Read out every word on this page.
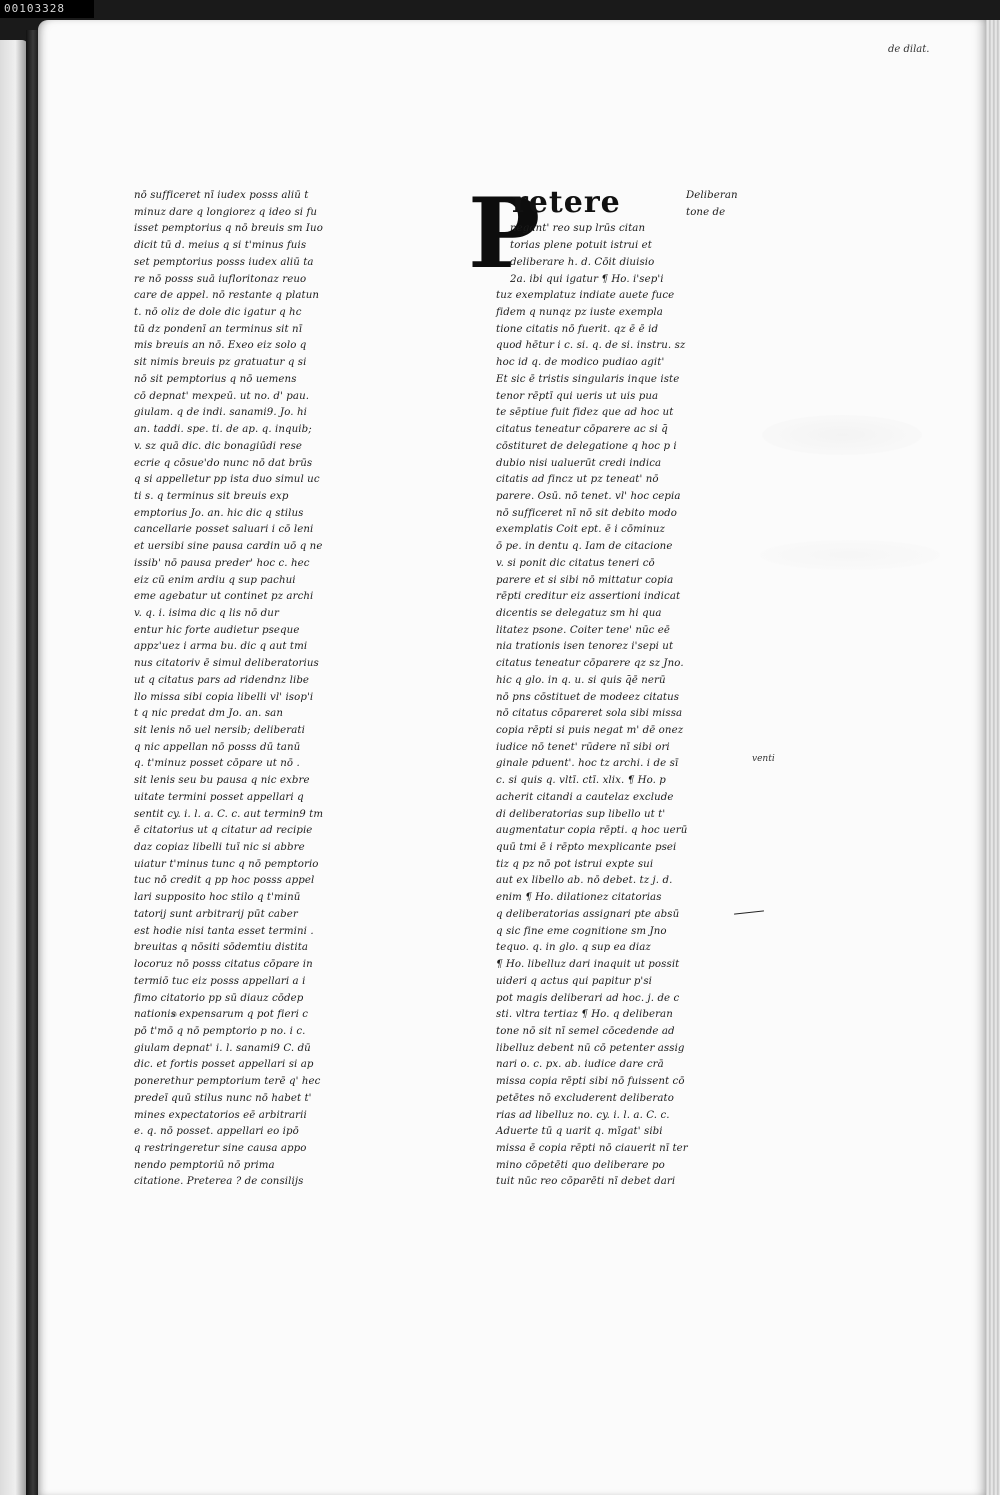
00103328
de dilat.
P
retere
nō sufficeret nī iudex posss aliū t
minuz dare q longiorez q ideo si fu
isset pemptorius q nō breuis sm Iuo
dicit tū d. meius q si t'minus fuis
set pemptorius posss iudex aliū ta
re nō posss suā iufloritonaz reuo
care de appel. nō restante q platun
t. nō oliz de dole dic igatur q hc
tū dz pondenī an terminus sit nī
mis breuis an nō. Exeo eiz solo q
sit nimis breuis pz gratuatur q si
nō sit pemptorius q nō uemens
cō depnat' mexpeū. ut no. d' pau.
giulam. q de indi. sanami9. Jo. hi
an. taddi. spe. ti. de ap. q. inquib;
v. sz quā dic. dic bonagiūdi rese
ecrie q cōsue'do nunc nō dat brūs
q si appelletur pp ista duo simul uc
ti s. q terminus sit breuis exp
emptorius Jo. an. hic dic q stilus
cancellarie posset saluari i cō leni
et uersibi sine pausa cardin uō q ne
issib' nō pausa preder' hoc c. hec
eiz cū enim ardiu q sup pachui
eme agebatur ut continet pz archi
v. q. i. isima dic q lis nō dur
entur hic forte audietur pseque
appz'uez i arma bu. dic q aut tmi
nus citatoriv ē simul deliberatorius
ut q citatus pars ad ridendnz libe
llo missa sibi copia libelli vl' isop'i
t q nic predat dm Jo. an. san
sit lenis nō uel nersib; deliberati
q nic appellan nō posss dū tanū
q. t'minuz posset cōpare ut nō .
sit lenis seu bu pausa q nic exbre
uitate termini posset appellari q
sentit cy. i. l. a. C. c. aut termin9 tm
ē citatorius ut q citatur ad recipie
daz copiaz libelli tuī nic si abbre
uiatur t'minus tunc q nō pemptorio
tuc nō credit q pp hoc posss appel
lari supposito hoc stilo q t'minū
tatorij sunt arbitrarij pūt caber
est hodie nisi tanta esset termini .
breuitas q nōsiti sōdemtiu distita
locoruz nō posss citatus cōpare in
termiō tuc eiz posss appellari a i
fimo citatorio pp sū diauz cōdep
nationis expensarum q pot fieri c
pō t'mō q nō pemptorio p no. i c.
giulam depnat' i. l. sanami9 C. dū
dic. et fortis posset appellari si ap
ponerethur pemptorium terē q' hec
predeī quū stilus nunc nō habet t'
mines expectatorios eē arbitrarii
e. q. nō posset. appellari eo ipō
q restringeretur sine causa appo
nendo pemptoriū nō prima
citatione. Preterea ? de consilijs
Deliberan
tone de
negant' reo sup lrūs citan
torias plene potuit istrui et
deliberare h. d. Cōit diuisio
2a. ibi qui igatur ¶ Ho. i'sep'i
tuz exemplatuz indiate auete fuce
fidem q nunqz pz iuste exempla
tione citatis nō fuerit. qz ē ē id
quod hētur i c. si. q. de si. instru. sz
hoc id q. de modico pudiao agit'
Et sic ē tristis singularis inque iste
tenor rēptī qui ueris ut uis pua
te sēptiue fuit fidez que ad hoc ut
citatus teneatur cōparere ac si q̄
cōstituret de delegatione q hoc p i
dubio nisi ualuerūt credi indica
citatis ad fincz ut pz teneat' nō
parere. Osū. nō tenet. vl' hoc cepia
nō sufficeret nī nō sit debito modo
exemplatis Coit ept. ē i cōminuz
ō pe. in dentu q. Iam de citacione
v. si ponit dic citatus teneri cō
parere et si sibi nō mittatur copia
rēpti creditur eiz assertioni indicat
dicentis se delegatuz sm hi qua
litatez psone. Coiter tene' nūc eē
nia trationis isen tenorez i'sepi ut
citatus teneatur cōparere qz sz Jno.
hic q glo. in q. u. si quis q̄ē nerū
nō pns cōstituet de modeez citatus
nō citatus cōpareret sola sibi missa
copia rēpti si puis negat m' dē onez
iudice nō tenet' rūdere nī sibi ori
ginale pduent'. hoc tz archi. i de sī
c. si quis q. vltī. ctī. xlix. ¶ Ho. p
acherit citandi a cautelaz exclude
di deliberatorias sup libello ut t'
augmentatur copia rēpti. q hoc uerū
quū tmi ē i rēpto mexplicante psei
tiz q pz nō pot istrui expte sui
aut ex libello ab. nō debet. tz j. d.
enim ¶ Ho. dilationez citatorias
q deliberatorias assignari pte absū
q sic fine eme cognitione sm Jno
tequo. q. in glo. q sup ea diaz
¶ Ho. libelluz dari inaquit ut possit
uideri q actus qui papitur p'si
pot magis deliberari ad hoc. j. de c
sti. vltra tertiaz ¶ Ho. q deliberan
tone nō sit nī semel cōcedende ad
libelluz debent nū cō petenter assig
nari o. c. px. ab. iudice dare crā
missa copia rēpti sibi nō fuissent cō
petētes nō excluderent deliberato
rias ad libelluz no. cy. i. l. a. C. c.
Aduerte tū q uarit q. mīgat' sibi
missa ē copia rēpti nō ciauerit nī ter
mino cōpetēti quo deliberare po
tuit nūc reo cōparēti nī debet dari
venti
